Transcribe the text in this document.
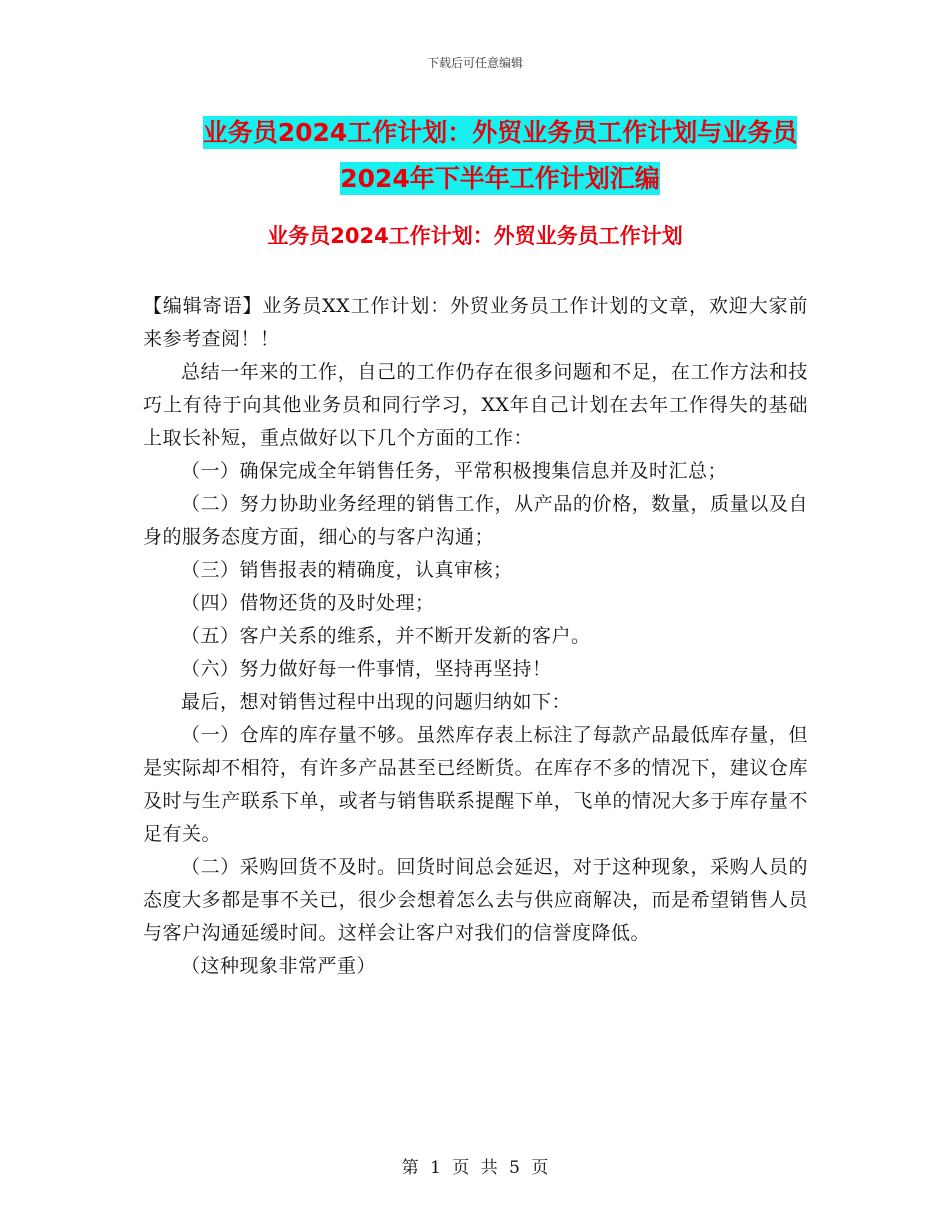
下载后可任意编辑
业务员2024工作计划：外贸业务员工作计划与业务员
2024年下半年工作计划汇编
业务员2024工作计划：外贸业务员工作计划

【编辑寄语】业务员XX工作计划：外贸业务员工作计划的文章，欢迎大家前来参考查阅！！

总结一年来的工作，自己的工作仍存在很多问题和不足，在工作方法和技巧上有待于向其他业务员和同行学习，XX年自己计划在去年工作得失的基础上取长补短，重点做好以下几个方面的工作：

（一）确保完成全年销售任务，平常积极搜集信息并及时汇总；

（二）努力协助业务经理的销售工作，从产品的价格，数量，质量以及自身的服务态度方面，细心的与客户沟通；

（三）销售报表的精确度，认真审核；

（四）借物还货的及时处理；

（五）客户关系的维系，并不断开发新的客户。

（六）努力做好每一件事情，坚持再坚持！

最后，想对销售过程中出现的问题归纳如下：

（一）仓库的库存量不够。虽然库存表上标注了每款产品最低库存量，但是实际却不相符，有许多产品甚至已经断货。在库存不多的情况下，建议仓库及时与生产联系下单，或者与销售联系提醒下单，飞单的情况大多于库存量不足有关。

（二）采购回货不及时。回货时间总会延迟，对于这种现象，采购人员的态度大多都是事不关已，很少会想着怎么去与供应商解决，而是希望销售人员与客户沟通延缓时间。这样会让客户对我们的信誉度降低。

（这种现象非常严重）

第 1 页 共 5 页
